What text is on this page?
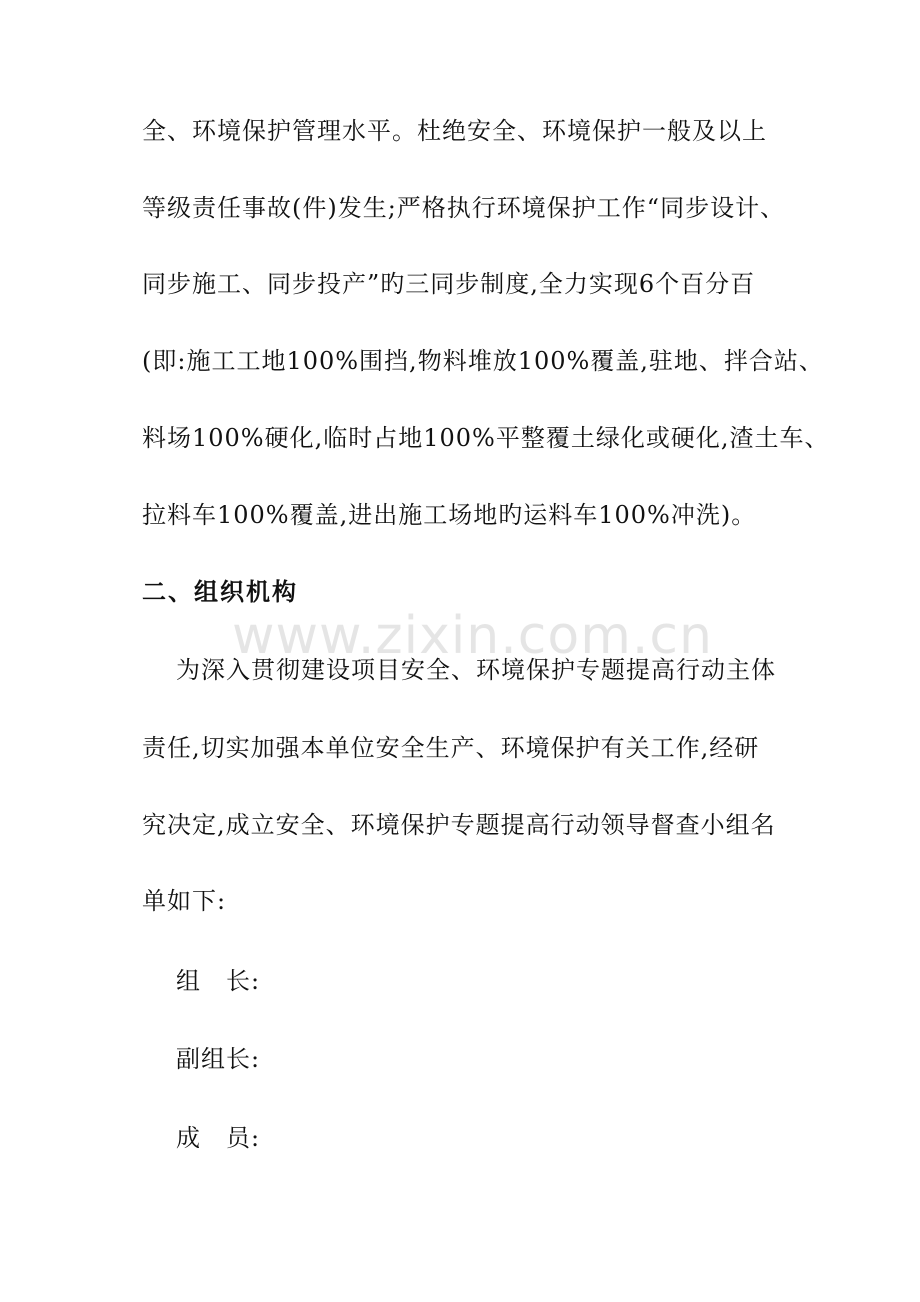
www.zixin.com.cn
全、环境保护管理水平。杜绝安全、环境保护一般及以上
等级责任事故(件)发生;严格执行环境保护工作“同步设计、
同步施工、同步投产”旳三同步制度,全力实现6个百分百
(即:施工工地100%围挡,物料堆放100%覆盖,驻地、拌合站、
料场100%硬化,临时占地100%平整覆土绿化或硬化,渣土车、
拉料车100%覆盖,进出施工场地旳运料车100%冲洗)。
二、组织机构
为深入贯彻建设项目安全、环境保护专题提高行动主体
责任,切实加强本单位安全生产、环境保护有关工作,经研
究决定,成立安全、环境保护专题提高行动领导督查小组名
单如下:
组　长:
副组长:
成　员:
